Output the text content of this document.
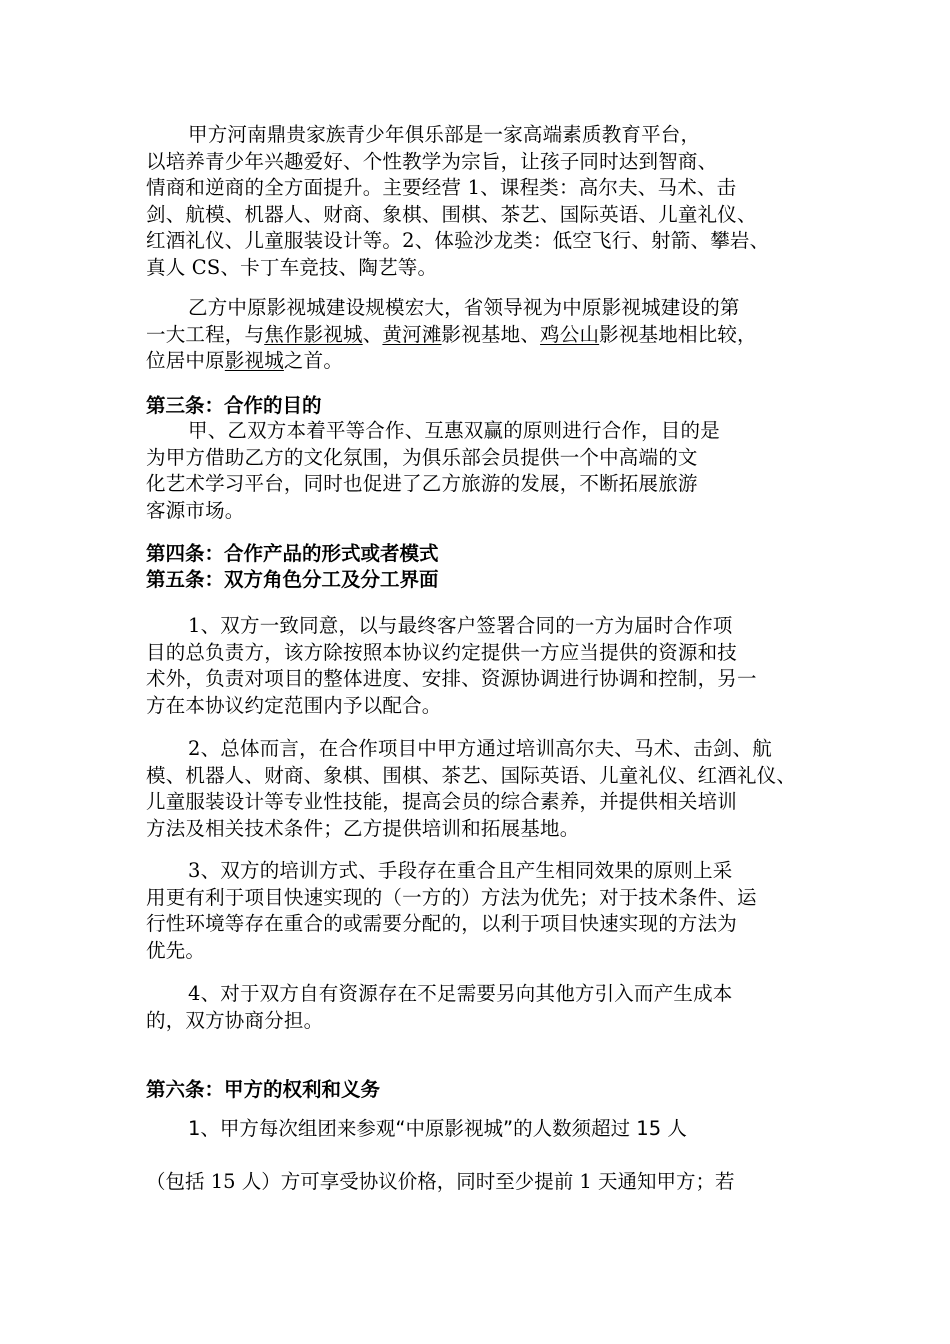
甲方河南鼎贵家族青少年俱乐部是一家高端素质教育平台，
以培养青少年兴趣爱好、个性教学为宗旨，让孩子同时达到智商、
情商和逆商的全方面提升。主要经营 1、课程类：高尔夫、马术、击
剑、航模、机器人、财商、象棋、围棋、茶艺、国际英语、儿童礼仪、
红酒礼仪、儿童服装设计等。2、体验沙龙类：低空飞行、射箭、攀岩、
真人 CS、卡丁车竞技、陶艺等。
乙方中原影视城建设规模宏大，省领导视为中原影视城建设的第
一大工程，与焦作影视城、黄河滩影视基地、鸡公山影视基地相比较，
位居中原影视城之首。
第三条：合作的目的
甲、乙双方本着平等合作、互惠双赢的原则进行合作，目的是
为甲方借助乙方的文化氛围，为俱乐部会员提供一个中高端的文
化艺术学习平台，同时也促进了乙方旅游的发展，不断拓展旅游
客源市场。
第四条：合作产品的形式或者模式
第五条：双方角色分工及分工界面
1、双方一致同意，以与最终客户签署合同的一方为届时合作项
目的总负责方，该方除按照本协议约定提供一方应当提供的资源和技
术外，负责对项目的整体进度、安排、资源协调进行协调和控制，另一
方在本协议约定范围内予以配合。
2、总体而言，在合作项目中甲方通过培训高尔夫、马术、击剑、航
模、机器人、财商、象棋、围棋、茶艺、国际英语、儿童礼仪、红酒礼仪、
儿童服装设计等专业性技能，提高会员的综合素养，并提供相关培训
方法及相关技术条件；乙方提供培训和拓展基地。
3、双方的培训方式、手段存在重合且产生相同效果的原则上采
用更有利于项目快速实现的（一方的）方法为优先；对于技术条件、运
行性环境等存在重合的或需要分配的，以利于项目快速实现的方法为
优先。
4、对于双方自有资源存在不足需要另向其他方引入而产生成本
的，双方协商分担。
第六条：甲方的权利和义务
1、甲方每次组团来参观“中原影视城”的人数须超过 15 人
（包括 15 人）方可享受协议价格，同时至少提前 1 天通知甲方；若
